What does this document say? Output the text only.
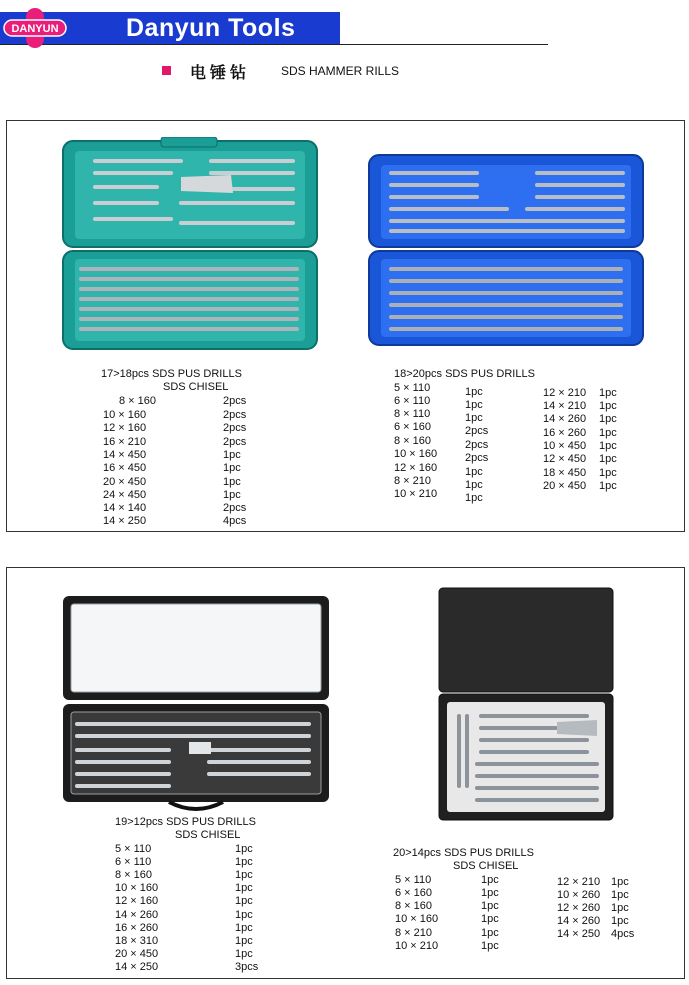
DANYUN	Danyun Tools
电锤钻	SDS HAMMER RILLS
17>18pcs SDS PUS DRILLS
SDS CHISEL
8 × 160	2pcs
10 × 160	2pcs
12 × 160	2pcs
16 × 210	2pcs
14 × 450	1pc
16 × 450	1pc
20 × 450	1pc
24 × 450	1pc
14 × 140	2pcs
14 × 250	4pcs
18>20pcs SDS PUS DRILLS
5 × 110	1pc
6 × 110	1pc
8 × 110	1pc
6 × 160	2pcs
8 × 160	2pcs
10 × 160	2pcs
12 × 160	1pc
8 × 210	1pc
10 × 210	1pc
12 × 210 1pc
14 × 210 1pc
14 × 260 1pc
16 × 260 1pc
10 × 450 1pc
12 × 450 1pc
18 × 450 1pc
20 × 450 1pc
19>12pcs SDS PUS DRILLS
SDS CHISEL
5 × 110	1pc
6 × 110	1pc
8 × 160	1pc
10 × 160	1pc
12 × 160	1pc
14 × 260	1pc
16 × 260	1pc
18 × 310	1pc
20 × 450	1pc
14 × 250	3pcs
20>14pcs SDS PUS DRILLS
SDS CHISEL
5 × 110	1pc
6 × 160	1pc
8 × 160	1pc
10 × 160	1pc
8 × 210	1pc
10 × 210	1pc
12 × 210 1pc
10 × 260 1pc
12 × 260 1pc
14 × 260 1pc
14 × 250 4pcs
